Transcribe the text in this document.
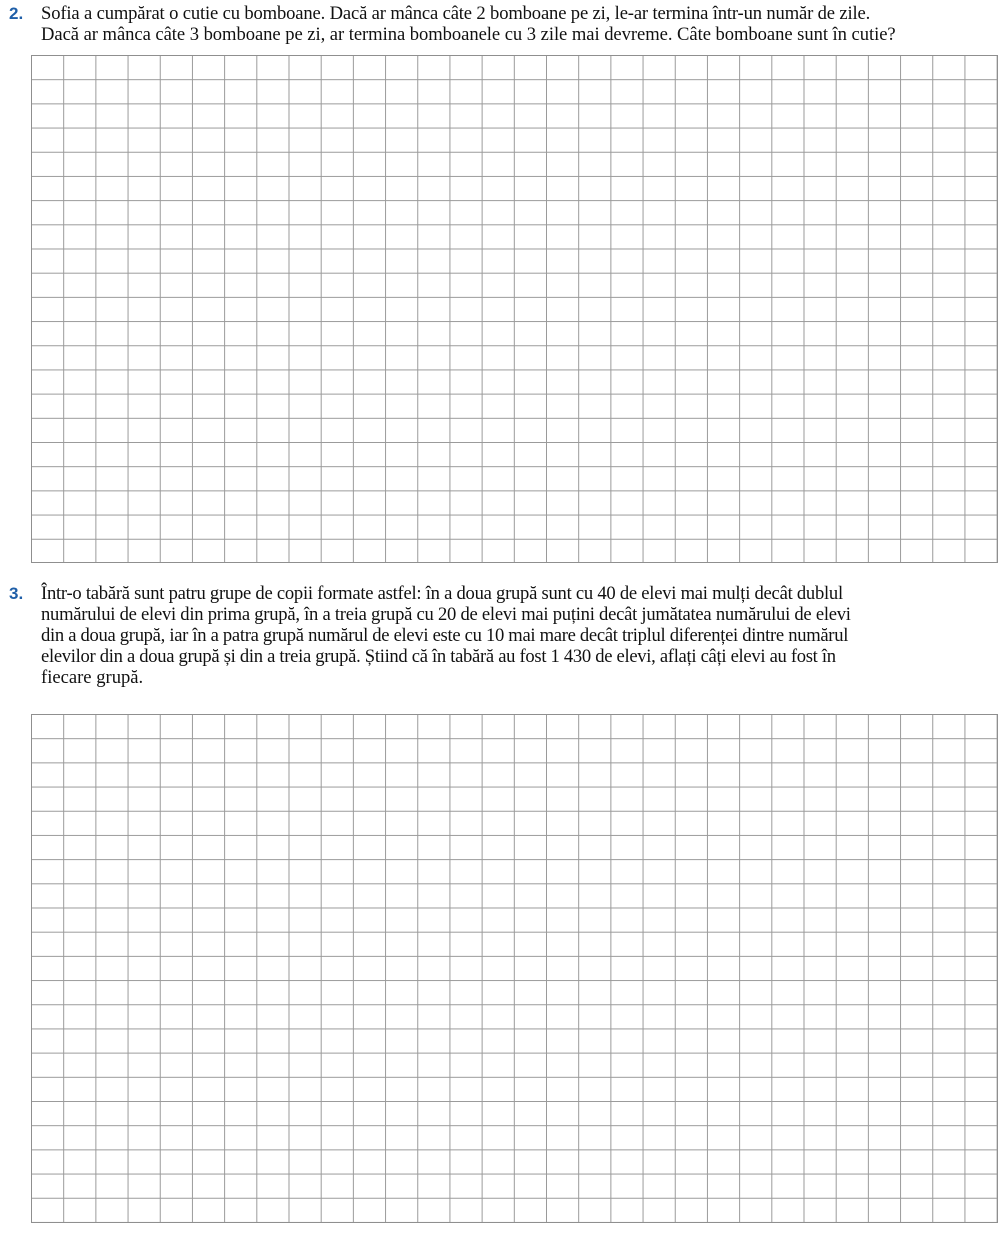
2. Sofia a cumpărat o cutie cu bomboane. Dacă ar mânca câte 2 bomboane pe zi, le-ar termina într-un număr de zile.
Dacă ar mânca câte 3 bomboane pe zi, ar termina bomboanele cu 3 zile mai devreme. Câte bomboane sunt în cutie?
3. Într-o tabără sunt patru grupe de copii formate astfel: în a doua grupă sunt cu 40 de elevi mai mulți decât dublul
numărului de elevi din prima grupă, în a treia grupă cu 20 de elevi mai puțini decât jumătatea numărului de elevi
din a doua grupă, iar în a patra grupă numărul de elevi este cu 10 mai mare decât triplul diferenței dintre numărul
elevilor din a doua grupă și din a treia grupă. Știind că în tabără au fost 1 430 de elevi, aflați câți elevi au fost în
fiecare grupă.
